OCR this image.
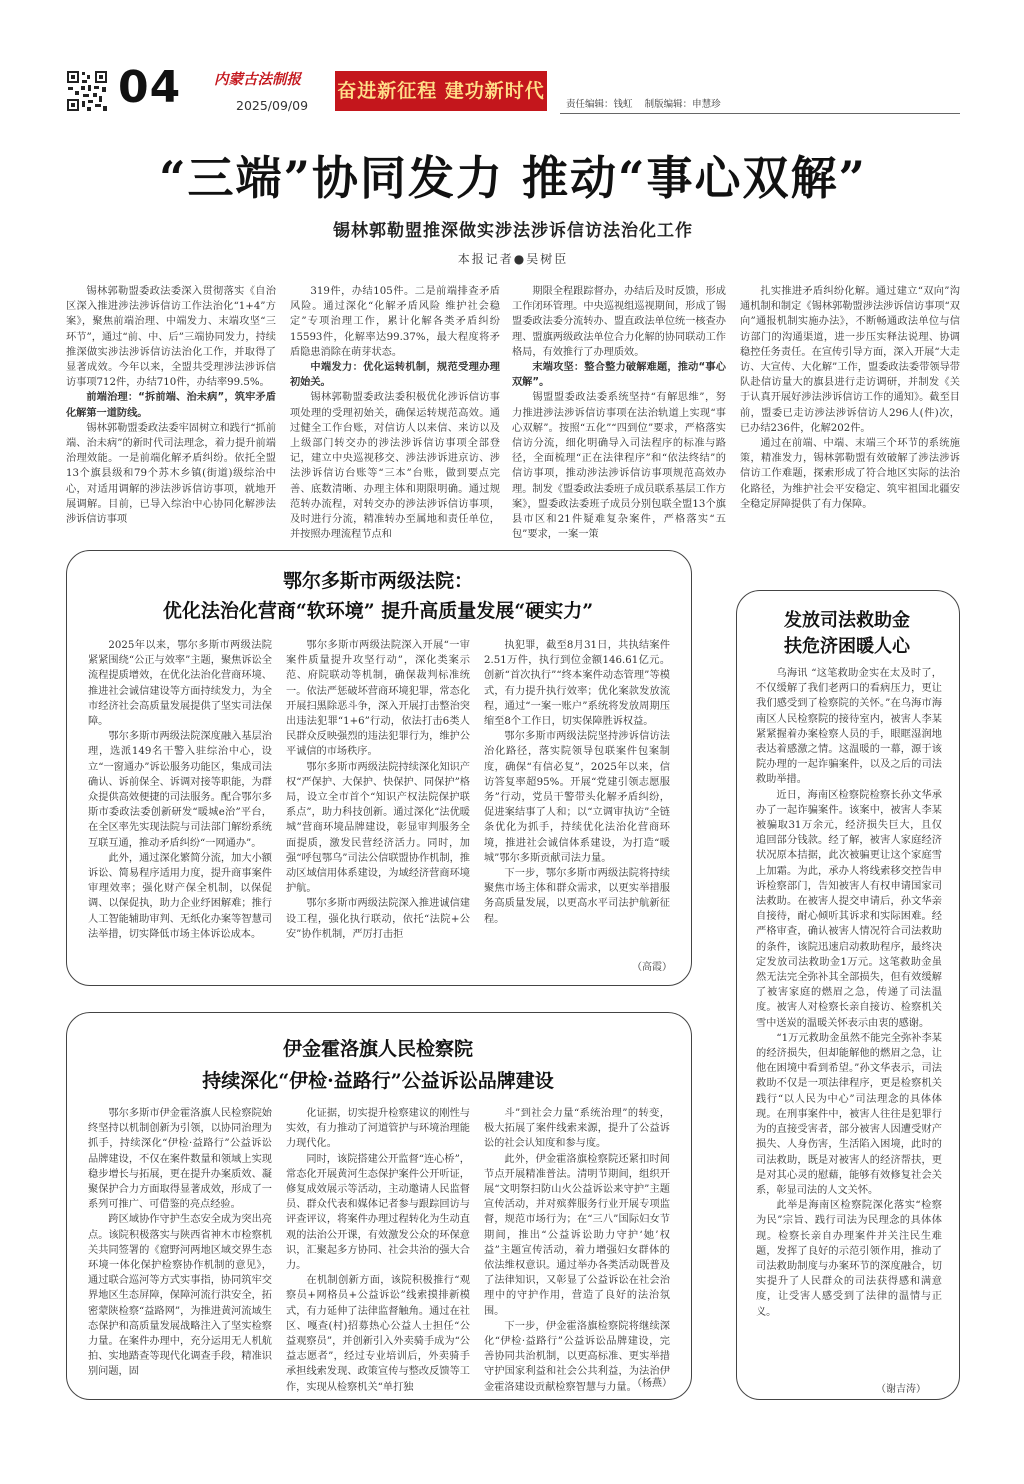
04 内蒙古法制报
2025/09/09
奋进新征程 建功新时代
责任编辑：钱虹    制版编辑：申慧珍
“三端”协同发力 推动“事心双解”
锡林郭勒盟推深做实涉法涉诉信访法治化工作
本报记者●吴树臣

锡林郭勒盟委政法委深入贯彻落实《自治区深入推进涉法涉诉信访工作法治化“1+4”方案》，聚焦前端治理、中端发力、末端攻坚“三环节”，通过“前、中、后”三端协同发力，持续推深做实涉法涉诉信访法治化工作，并取得了显著成效。今年以来，全盟共受理涉法涉诉信访事项712件，办结710件，办结率99.5%。

前端治理：“拆前端、治未病”，筑牢矛盾化解第一道防线。

锡林郭勒盟委政法委牢固树立和践行“抓前端、治未病”的新时代司法理念，着力提升前端治理效能。一是前端化解矛盾纠纷。依托全盟13个旗县级和79个苏木乡镇(街道)级综治中心，对适用调解的涉法涉诉信访事项，就地开展调解。目前，已导入综治中心协同化解涉法涉诉信访事项

319件，办结105件。二是前端排查矛盾风险。通过深化“化解矛盾风险 维护社会稳定”专项治理工作，累计化解各类矛盾纠纷15593件，化解率达99.37%，最大程度将矛盾隐患消除在萌芽状态。

中端发力：优化运转机制，规范受理办理初始关。

锡林郭勒盟委政法委积极优化涉诉信访事项处理的受理初始关，确保运转规范高效。通过健全工作台账，对信访人以来信、来访以及上级部门转交办的涉法涉诉信访事项全部登记，建立中央巡视移交、涉法涉诉进京访、涉法涉诉信访台账等“三本”台账，做到要点完善、底数清晰、办理主体和期限明确。通过规范转办流程，对转交办的涉法涉诉信访事项，及时进行分流，精准转办至属地和责任单位，并按照办理流程节点和

期限全程跟踪督办，办结后及时反馈，形成工作闭环管理。中央巡视组巡视期间，形成了锡盟委政法委分流转办、盟直政法单位统一核查办理、盟旗两级政法单位合力化解的协同联动工作格局，有效推行了办理质效。

末端攻坚：整合整力破解难题，推动“事心双解”。

锡盟盟委政法委系统坚持“有解思维”，努力推进涉法涉诉信访事项在法治轨道上实现“事心双解”。按照“五化”“四到位”要求，严格落实信访分流，细化明确导入司法程序的标准与路径，全面梳理“正在法律程序”和“依法终结”的信访事项，推动涉法涉诉信访事项规范高效办理。制发《盟委政法委班子成员联系基层工作方案》，盟委政法委班子成员分别包联全盟13个旗县市区和21件疑难复杂案件，严格落实“五包”要求，一案一策

扎实推进矛盾纠纷化解。通过建立“双向”沟通机制和制定《锡林郭勒盟涉法涉诉信访事项“双向”通报机制实施办法》，不断畅通政法单位与信访部门的沟通渠道，进一步压实释法说理、协调稳控任务责任。在宣传引导方面，深入开展“大走访、大宣传、大化解”工作，盟委政法委带领导带队赴信访量大的旗县进行走访调研，并制发《关于认真开展好涉法涉诉信访工作的通知》。截至目前，盟委已走访涉法涉诉信访人296人(件)次，已办结236件，化解202件。

通过在前端、中端、末端三个环节的系统施策，精准发力，锡林郭勒盟有效破解了涉法涉诉信访工作难题，探索形成了符合地区实际的法治化路径，为维护社会平安稳定、筑牢祖国北疆安全稳定屏障提供了有力保障。

鄂尔多斯市两级法院：
优化法治化营商“软环境” 提升高质量发展“硬实力”

2025年以来，鄂尔多斯市两级法院紧紧围绕“公正与效率”主题，聚焦诉讼全流程提质增效，在优化法治化营商环境、推进社会诚信建设等方面持续发力，为全市经济社会高质量发展提供了坚实司法保障。

鄂尔多斯市两级法院深度融入基层治理，选派149名干警入驻综治中心，设立“一窗通办”诉讼服务功能区，集成司法确认、诉前保全、诉调对接等职能，为群众提供高效便捷的司法服务。配合鄂尔多斯市委政法委创新研发“暖城e治”平台，在全区率先实现法院与司法部门解纷系统互联互通，推动矛盾纠纷“一网通办”。

此外，通过深化繁简分流，加大小额诉讼、简易程序适用力度，提升商事案件审理效率；强化财产保全机制，以保促调、以保促执，助力企业纾困解难；推行人工智能辅助审判、无纸化办案等智慧司法举措，切实降低市场主体诉讼成本。

鄂尔多斯市两级法院深入开展“一审案件质量提升攻坚行动”，深化类案示范、府院联动等机制，确保裁判标准统一。依法严惩破坏营商环境犯罪，常态化开展扫黑除恶斗争，深入开展打击整治突出违法犯罪“1+6”行动，依法打击6类人民群众反映强烈的违法犯罪行为，维护公平诚信的市场秩序。

鄂尔多斯市两级法院持续深化知识产权“严保护、大保护、快保护、同保护”格局，设立全市首个“知识产权法院保护联系点”，助力科技创新。通过深化“法优暖城”营商环境品牌建设，彰显审判服务全面提质，激发民营经济活力。同时，加强“呼包鄂乌”司法公信联盟协作机制，推动区域信用体系建设，为域经济营商环境护航。

鄂尔多斯市两级法院深入推进诚信建设工程，强化执行联动，依托“法院+公安”协作机制，严厉打击拒

执犯罪，截至8月31日，共执结案件2.51万件，执行到位金额146.61亿元。创新“首次执行”“终本案件动态管理”等模式，有力提升执行效率；优化案款发放流程，通过“一案一账户”系统将发放周期压缩至8个工作日，切实保障胜诉权益。

鄂尔多斯市两级法院坚持涉诉信访法治化路径，落实院领导包联案件包案制度，确保“有信必复”，2025年以来，信访答复率超95%。开展“党建引领志愿服务”行动，党员干警带头化解矛盾纠纷，促进案结事了人和；以“立调审执访”全链条优化为抓手，持续优化法治化营商环境，推进社会诚信体系建设，为打造“暖城”鄂尔多斯贡献司法力量。

下一步，鄂尔多斯市两级法院将持续聚焦市场主体和群众需求，以更实举措服务高质量发展，以更高水平司法护航新征程。

（高霞）
发放司法救助金
扶危济困暖人心

乌海讯 “这笔救助金实在太及时了，不仅缓解了我们老两口的看病压力，更让我们感受到了检察院的关怀。”在乌海市海南区人民检察院的接待室内，被害人李某紧紧握着办案检察人员的手，眼眶湿润地表达着感激之情。这温暖的一幕，源于该院办理的一起诈骗案件，以及之后的司法救助举措。

近日，海南区检察院检察长孙文华承办了一起诈骗案件。该案中，被害人李某被骗取31万余元，经济损失巨大，且仅追回部分钱款。经了解，被害人家庭经济状况原本拮据，此次被骗更让这个家庭雪上加霜。为此，承办人将线索移交控告申诉检察部门，告知被害人有权申请国家司法救助。在被害人提交申请后，孙文华亲自接待，耐心倾听其诉求和实际困难。经严格审查，确认被害人情况符合司法救助的条件，该院迅速启动救助程序，最终决定发放司法救助金1万元。这笔救助金虽然无法完全弥补其全部损失，但有效缓解了被害家庭的燃眉之急，传递了司法温度。被害人对检察长亲自接访、检察机关雪中送炭的温暖关怀表示由衷的感谢。

“1万元救助金虽然不能完全弥补李某的经济损失，但却能解他的燃眉之急，让他在困境中看到希望。”孙文华表示，司法救助不仅是一项法律程序，更是检察机关践行“以人民为中心”司法理念的具体体现。在刑事案件中，被害人往往是犯罪行为的直接受害者，部分被害人因遭受财产损失、人身伤害，生活陷入困境，此时的司法救助，既是对被害人的经济帮扶，更是对其心灵的慰藉，能够有效修复社会关系，彰显司法的人文关怀。

此举是海南区检察院深化落实“检察为民”宗旨、践行司法为民理念的具体体现。检察长亲自办理案件并关注民生难题，发挥了良好的示范引领作用，推动了司法救助制度与办案环节的深度融合，切实提升了人民群众的司法获得感和满意度，让受害人感受到了法律的温情与正义。

（谢吉涛）
伊金霍洛旗人民检察院
持续深化“伊检·益路行”公益诉讼品牌建设

鄂尔多斯市伊金霍洛旗人民检察院始终坚持以机制创新为引领，以协同治理为抓手，持续深化“伊检·益路行”公益诉讼品牌建设，不仅在案件数量和领域上实现稳步增长与拓展，更在提升办案质效、凝聚保护合力方面取得显著成效，形成了一系列可推广、可借鉴的亮点经验。

跨区域协作守护生态安全成为突出亮点。该院积极落实与陕西省神木市检察机关共同签署的《窟野河两地区域交界生态环境一体化保护检察协作机制的意见》，通过联合巡河等方式实事指，协同筑牢交界地区生态屏障，保障河流行洪安全，拓密蒙陕检察“益路网”，为推进黄河流域生态保护和高质量发展战略注入了坚实检察力量。在案件办理中，充分运用无人机航拍、实地踏查等现代化调查手段，精准识别问题，固

化证据，切实提升检察建议的刚性与实效，有力推动了河道管护与环境治理能力现代化。

同时，该院搭建公开监督“连心桥”，常态化开展黄河生态保护案件公开听证，修复成效展示等活动，主动邀请人民监督员、群众代表和媒体记者参与跟踪回访与评查评议，将案件办理过程转化为生动直观的法治公开课，有效激发公众的环保意识，汇聚起多方协同、社会共治的强大合力。

在机制创新方面，该院积极推行“观察员+网格员+公益诉讼”线索摸排新模式，有力延伸了法律监督触角。通过在社区、嘎查(村)招募热心公益人士担任“公益观察员”，并创新引入外卖骑手成为“公益志愿者”，经过专业培训后，外卖骑手承担线索发现、政策宣传与整改反馈等工作，实现从检察机关“单打独

斗”到社会力量“系统治理”的转变，极大拓展了案件线索来源，提升了公益诉讼的社会认知度和参与度。

此外，伊金霍洛旗检察院还紧扣时间节点开展精准普法。清明节期间，组织开展“文明祭扫防山火公益诉讼来守护”主题宣传活动，并对殡葬服务行业开展专项监督，规范市场行为；在“三八”国际妇女节期间，推出“公益诉讼助力守护‘她’权益”主题宣传活动，着力增强妇女群体的依法维权意识。通过举办各类活动既普及了法律知识，又彰显了公益诉讼在社会治理中的守护作用，营造了良好的法治氛围。

下一步，伊金霍洛旗检察院将继续深化“伊检·益路行”公益诉讼品牌建设，完善协同共治机制，以更高标准、更实举措守护国家利益和社会公共利益，为法治伊金霍洛建设贡献检察智慧与力量。

（杨燕）
